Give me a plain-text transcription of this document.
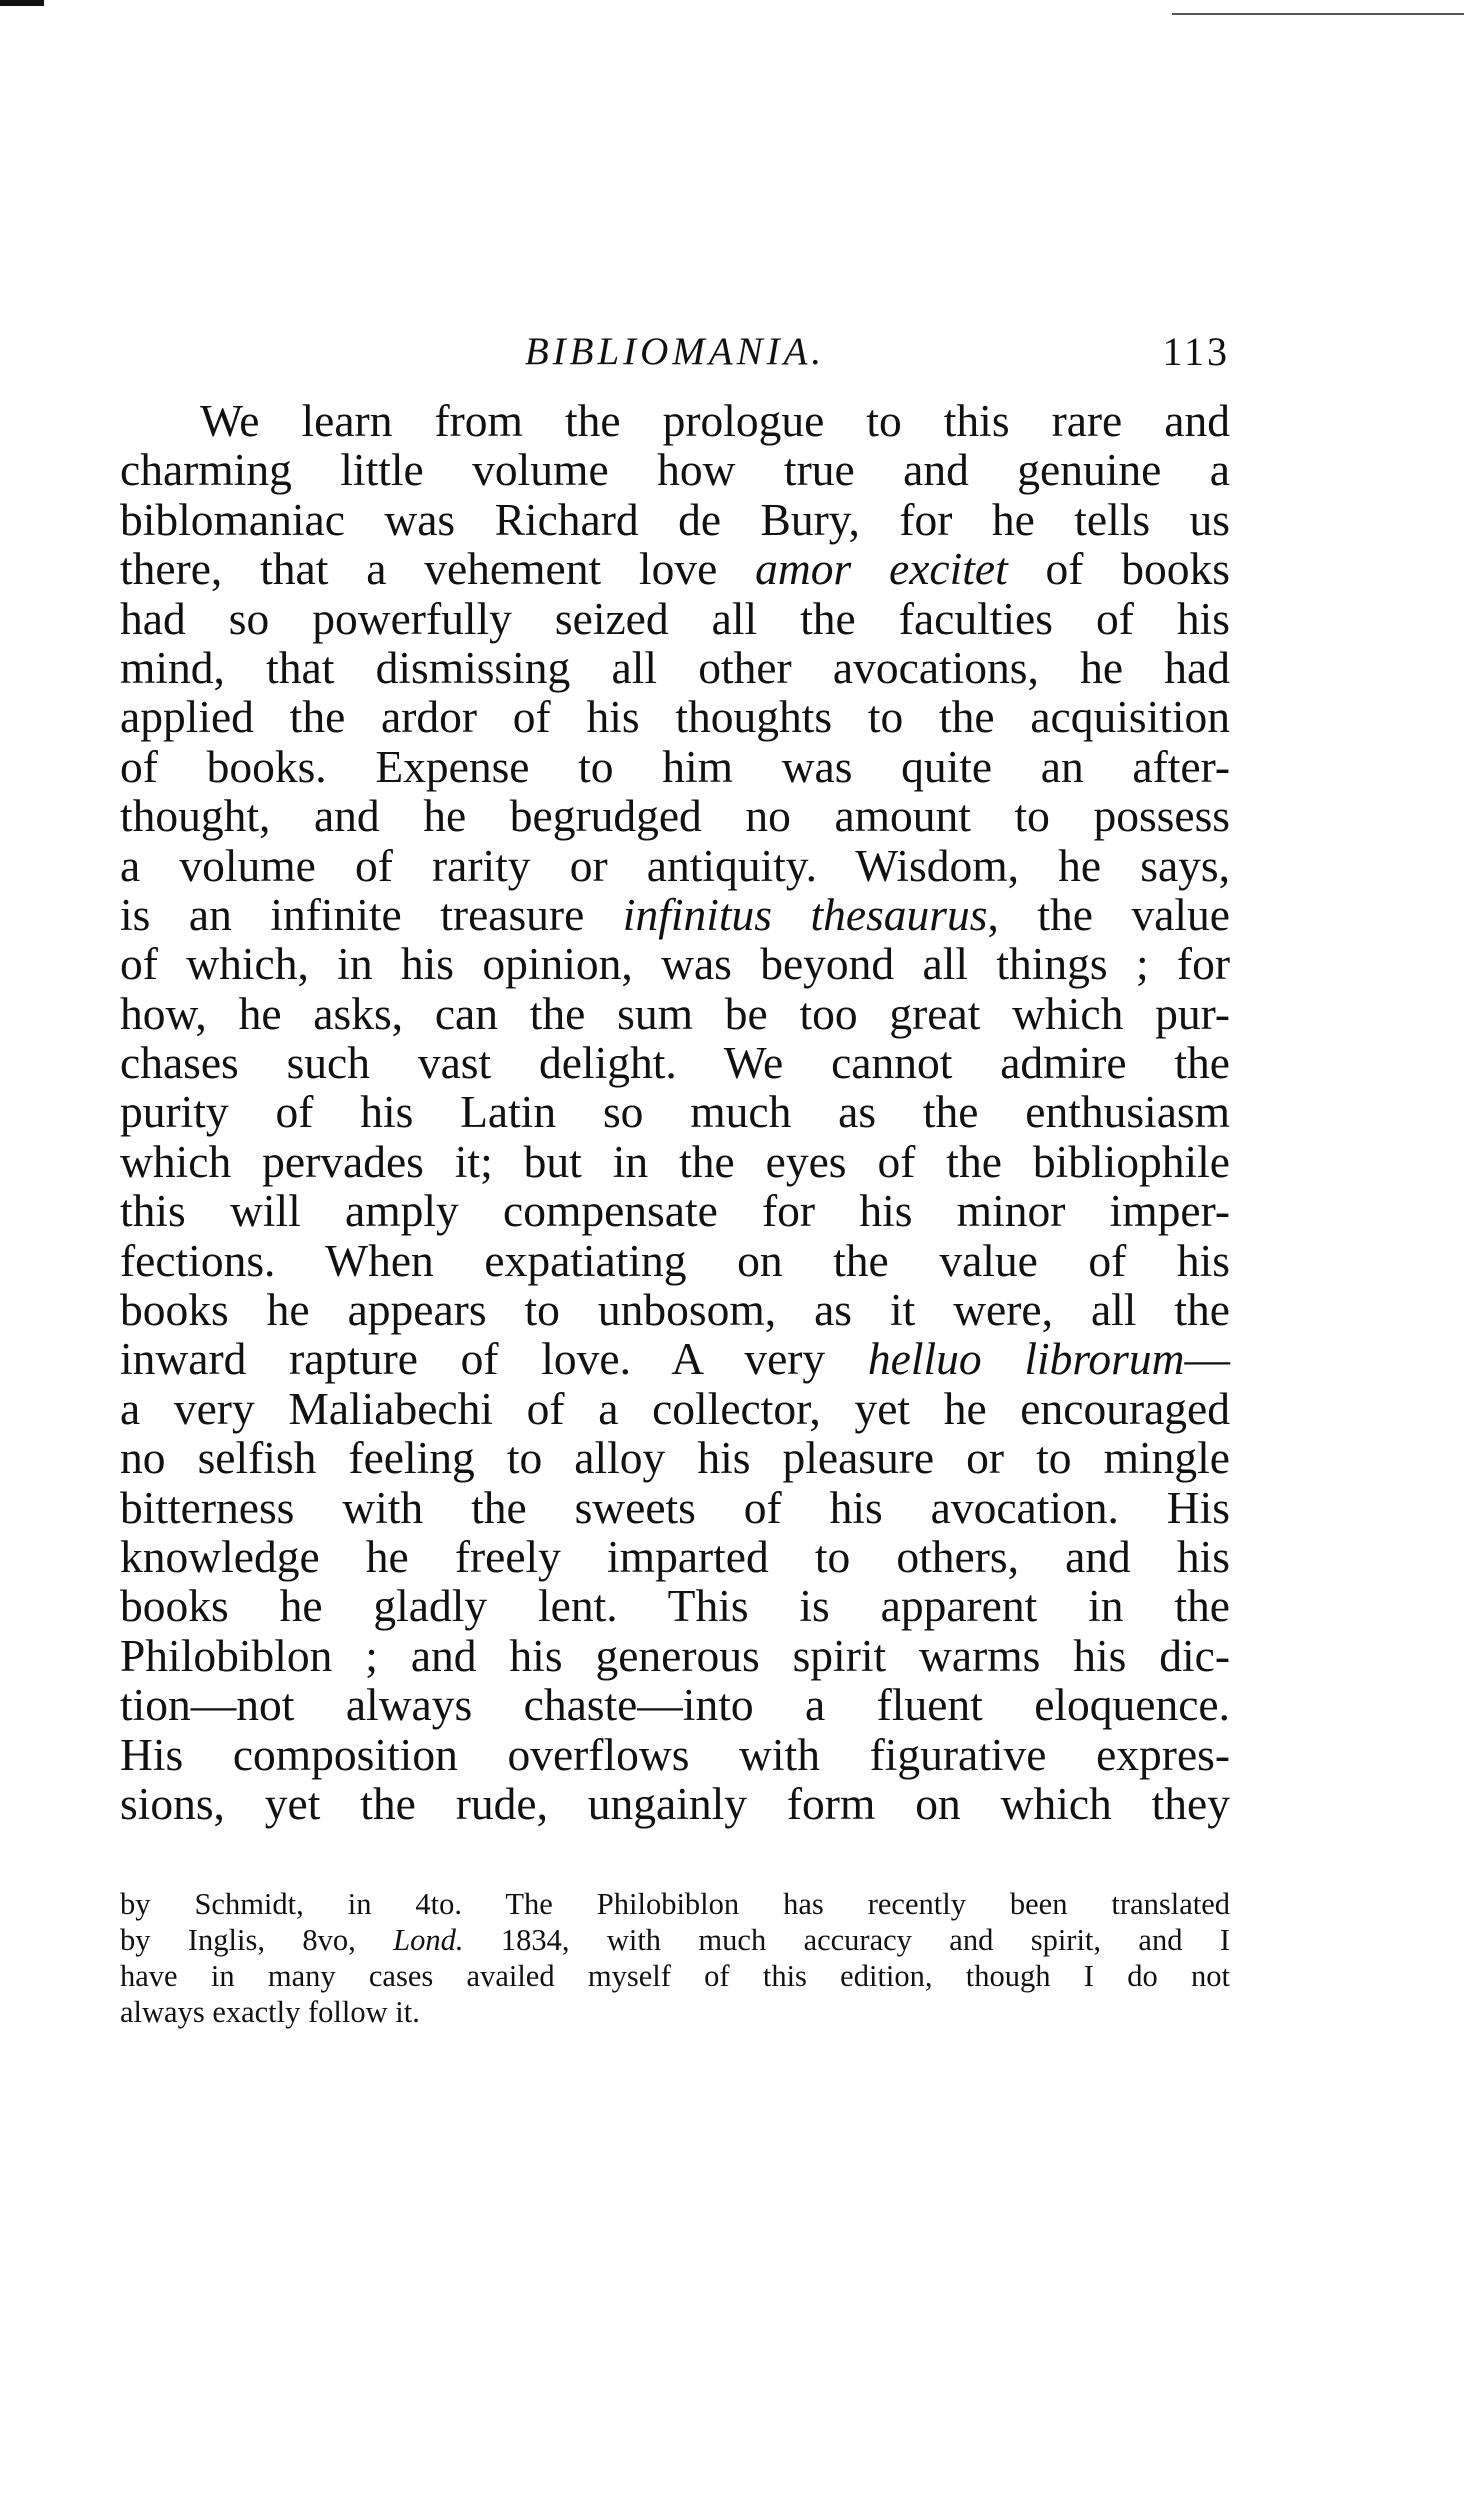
BIBLIOMANIA.	113
We learn from the prologue to this rare and
charming little volume how true and genuine a
biblomaniac was Richard de Bury, for he tells us
there, that a vehement love amor excitet of books
had so powerfully seized all the faculties of his
mind, that dismissing all other avocations, he had
applied the ardor of his thoughts to the acquisition
of books. Expense to him was quite an after-
thought, and he begrudged no amount to possess
a volume of rarity or antiquity. Wisdom, he says,
is an infinite treasure infinitus thesaurus, the value
of which, in his opinion, was beyond all things ; for
how, he asks, can the sum be too great which pur-
chases such vast delight. We cannot admire the
purity of his Latin so much as the enthusiasm
which pervades it; but in the eyes of the bibliophile
this will amply compensate for his minor imper-
fections. When expatiating on the value of his
books he appears to unbosom, as it were, all the
inward rapture of love. A very helluo librorum—
a very Maliabechi of a collector, yet he encouraged
no selfish feeling to alloy his pleasure or to mingle
bitterness with the sweets of his avocation. His
knowledge he freely imparted to others, and his
books he gladly lent. This is apparent in the
Philobiblon ; and his generous spirit warms his dic-
tion—not always chaste—into a fluent eloquence.
His composition overflows with figurative expres-
sions, yet the rude, ungainly form on which they
by Schmidt, in 4to. The Philobiblon has recently been translated
by Inglis, 8vo, Lond. 1834, with much accuracy and spirit, and I
have in many cases availed myself of this edition, though I do not
always exactly follow it.
